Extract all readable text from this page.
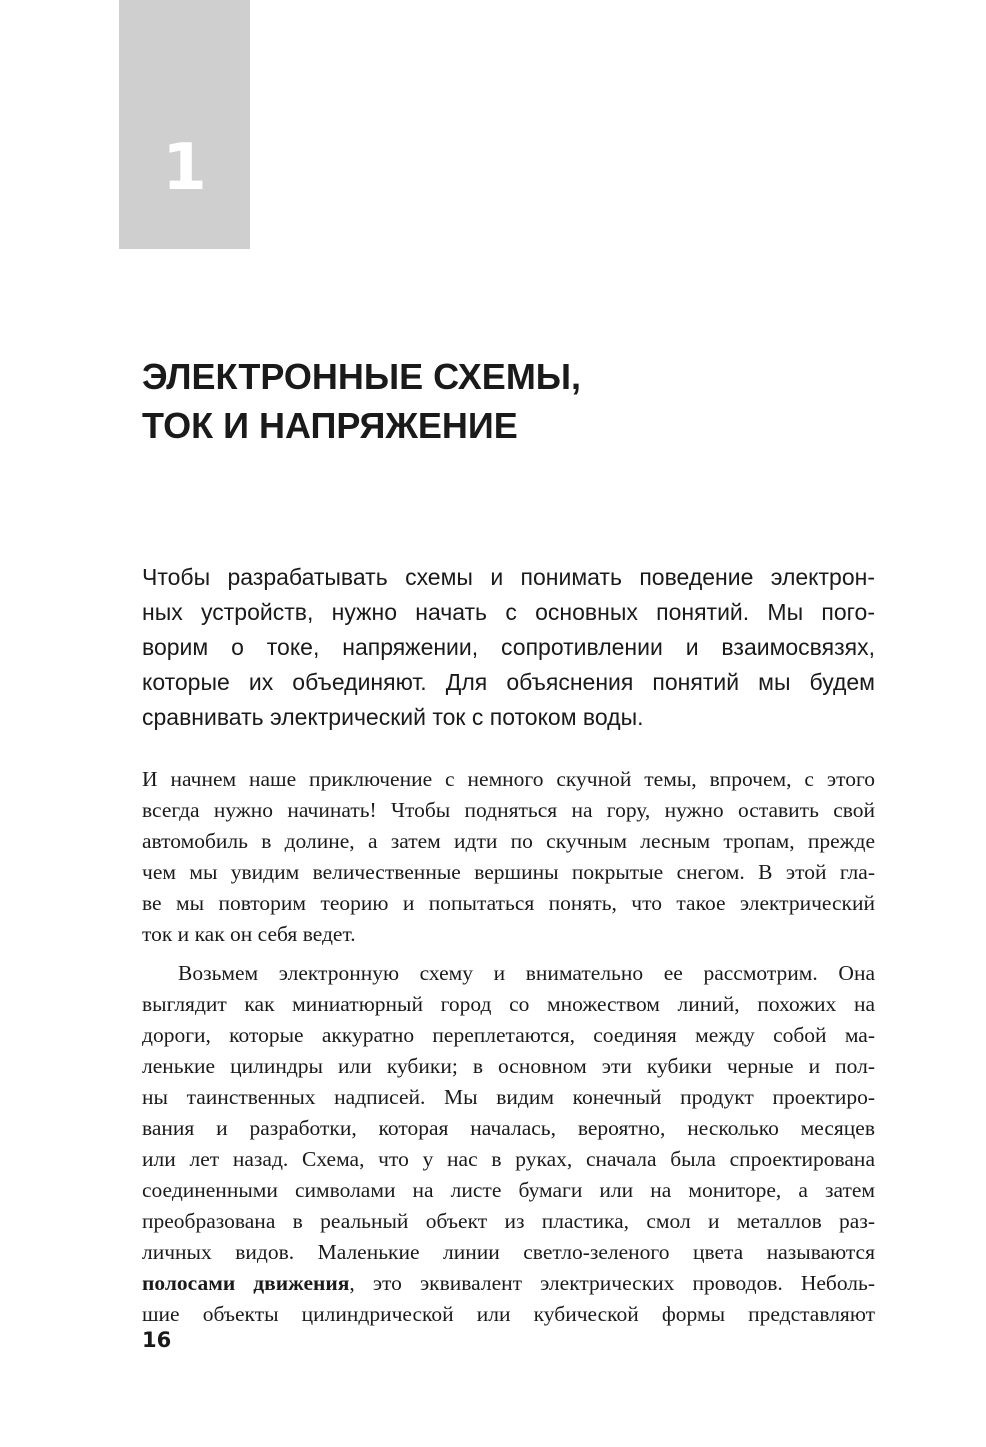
1
ЭЛЕКТРОННЫЕ СХЕМЫ,
ТОК И НАПРЯЖЕНИЕ
Чтобы разрабатывать схемы и понимать поведение электрон-
ных устройств, нужно начать с основных понятий. Мы пого-
ворим о токе, напряжении, сопротивлении и взаимосвязях,
которые их объединяют. Для объяснения понятий мы будем
сравнивать электрический ток с потоком воды.
И начнем наше приключение с немного скучной темы, впрочем, с этого
всегда нужно начинать! Чтобы подняться на гору, нужно оставить свой
автомобиль в долине, а затем идти по скучным лесным тропам, прежде
чем мы увидим величественные вершины покрытые снегом. В этой гла-
ве мы повторим теорию и попытаться понять, что такое электрический
ток и как он себя ведет.
Возьмем электронную схему и внимательно ее рассмотрим. Она
выглядит как миниатюрный город со множеством линий, похожих на
дороги, которые аккуратно переплетаются, соединяя между собой ма-
ленькие цилиндры или кубики; в основном эти кубики черные и пол-
ны таинственных надписей. Мы видим конечный продукт проектиро-
вания и разработки, которая началась, вероятно, несколько месяцев
или лет назад. Схема, что у нас в руках, сначала была спроектирована
соединенными символами на листе бумаги или на мониторе, а затем
преобразована в реальный объект из пластика, смол и металлов раз-
личных видов. Маленькие линии светло-зеленого цвета называются
полосами движения, это эквивалент электрических проводов. Неболь-
шие объекты цилиндрической или кубической формы представляют
16
